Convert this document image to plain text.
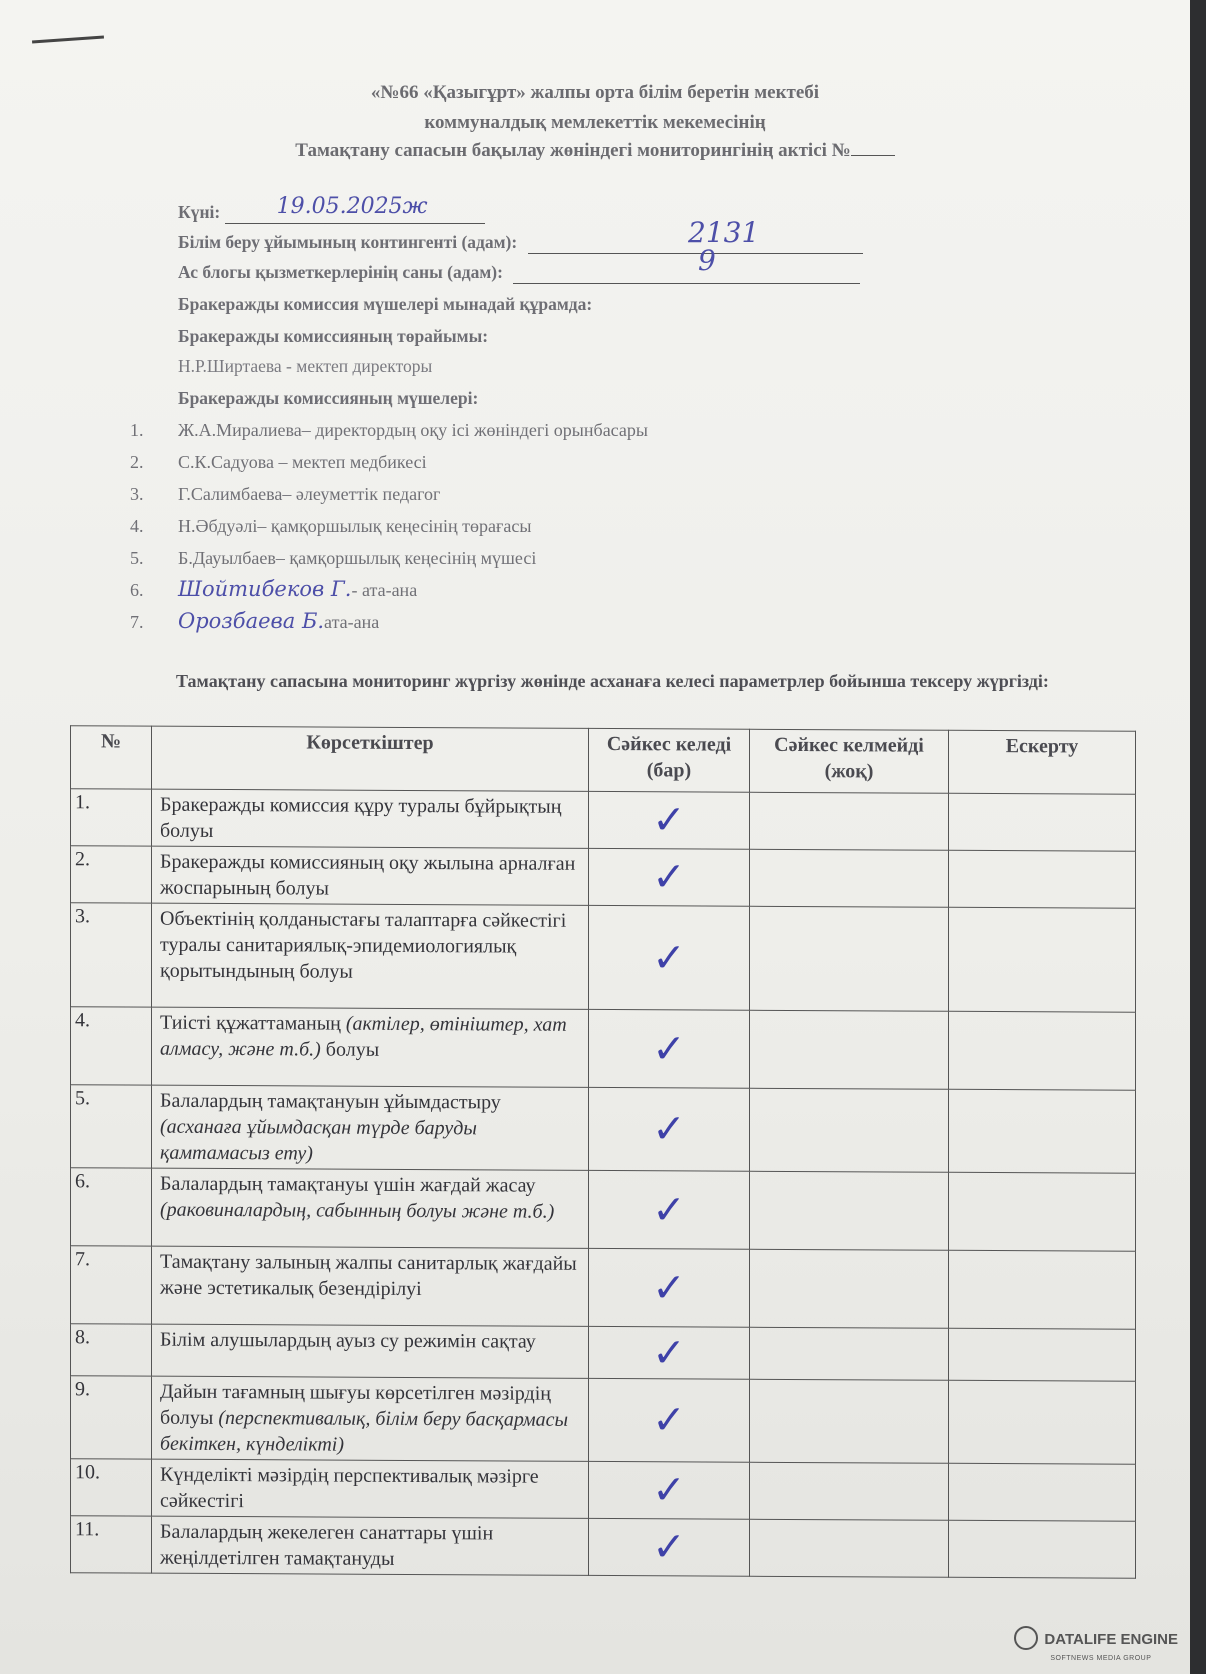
«№66 «Қазыгұрт» жалпы орта білім беретін мектебі
коммуналдық мемлекеттік мекемесінің
Тамақтану сапасын бақылау жөніндегі мониторингінің актісі №
Күні:	19.05.2025ж

Білім беру ұйымының контингенті (адам):	2131
Ас блогы қызметкерлерінің саны (адам):	9
Бракеражды комиссия мүшелері мынадай құрамда:
Бракеражды комиссияның төрайымы:
Н.Р.Ширтаева - мектеп директоры
Бракеражды комиссияның мүшелері:
1. Ж.А.Миралиева– директордың оқу ісі жөніндегі орынбасары
2. С.К.Садуова – мектеп медбикесі
3. Г.Салимбаева– әлеуметтік педагог
4. Н.Әбдуәлі– қамқоршылық кеңесінің төрағасы
5. Б.Дауылбаев– қамқоршылық кеңесінің мүшесі
6. Шойтибеков Г.- ата-ана
7. Орозбаева Б.ата-ана
Тамақтану сапасына мониторинг жүргізу жөнінде асханаға келесі параметрлер бойынша тексеру жүргізді:
№	Көрсеткіштер	Сәйкес келеді (бар)	Сәйкес келмейді (жоқ)	Ескерту
1.	Бракеражды комиссия құру туралы бұйрықтың болуы	✓		
2.	Бракеражды комиссияның оқу жылына арналған жоспарының болуы	✓		
3.	Объектінің қолданыстағы талаптарға сәйкестігі туралы санитариялық-эпидемиологиялық қорытындының болуы	✓		
4.	Тиісті құжаттаманың (актілер, өтініштер, хат алмасу, және т.б.) болуы	✓		
5.	Балалардың тамақтануын ұйымдастыру (асханаға ұйымдасқан түрде баруды қамтамасыз ету)	✓		
6.	Балалардың тамақтануы үшін жағдай жасау (раковиналардың, сабынның болуы және т.б.)	✓		
7.	Тамақтану залының жалпы санитарлық жағдайы және эстетикалық безендірілуі	✓		
8.	Білім алушылардың ауыз су режимін сақтау	✓		
9.	Дайын тағамның шығуы көрсетілген мәзірдің болуы (перспективалық, білім беру басқармасы бекіткен, күнделікті)	✓		
10.	Күнделікті мәзірдің перспективалық мәзірге сәйкестігі	✓		
11.	Балалардың жекелеген санаттары үшін жеңілдетілген тамақтануды	✓		
DATALIFE ENGINE
SOFTNEWS MEDIA GROUP
